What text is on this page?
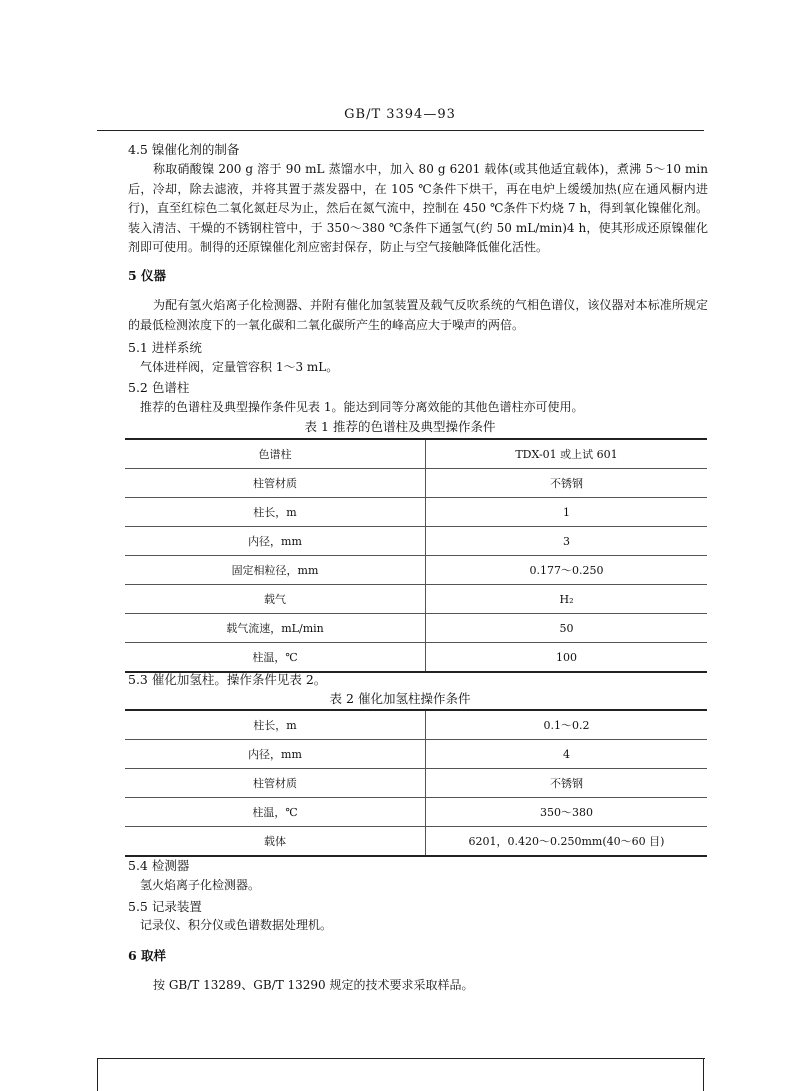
GB/T 3394—93
4.5 镍催化剂的制备
称取硝酸镍 200 g 溶于 90 mL 蒸馏水中，加入 80 g 6201 载体(或其他适宜载体)，煮沸 5～10 min 后，冷却，除去滤液，并将其置于蒸发器中，在 105 ℃条件下烘干，再在电炉上缓缓加热(应在通风橱内进行)，直至红棕色二氧化氮赶尽为止，然后在氮气流中，控制在 450 ℃条件下灼烧 7 h，得到氧化镍催化剂。装入清洁、干燥的不锈钢柱管中，于 350～380 ℃条件下通氢气(约 50 mL/min)4 h，使其形成还原镍催化剂即可使用。制得的还原镍催化剂应密封保存，防止与空气接触降低催化活性。
5 仪器
为配有氢火焰离子化检测器、并附有催化加氢装置及载气反吹系统的气相色谱仪，该仪器对本标准所规定的最低检测浓度下的一氧化碳和二氧化碳所产生的峰高应大于噪声的两倍。
5.1 进样系统
气体进样阀，定量管容积 1～3 mL。
5.2 色谱柱
推荐的色谱柱及典型操作条件见表 1。能达到同等分离效能的其他色谱柱亦可使用。
表 1 推荐的色谱柱及典型操作条件
色谱柱	TDX-01 或上试 601
柱管材质	不锈钢
柱长，m	1
内径，mm	3
固定相粒径，mm	0.177～0.250
载气	H₂
载气流速，mL/min	50
柱温，℃	100
5.3 催化加氢柱。操作条件见表 2。
表 2 催化加氢柱操作条件
柱长，m	0.1～0.2
内径，mm	4
柱管材质	不锈钢
柱温，℃	350～380
载体	6201，0.420～0.250mm(40～60 目)
5.4 检测器
氢火焰离子化检测器。
5.5 记录装置
记录仪、积分仪或色谱数据处理机。
6 取样
按 GB/T 13289、GB/T 13290 规定的技术要求采取样品。
